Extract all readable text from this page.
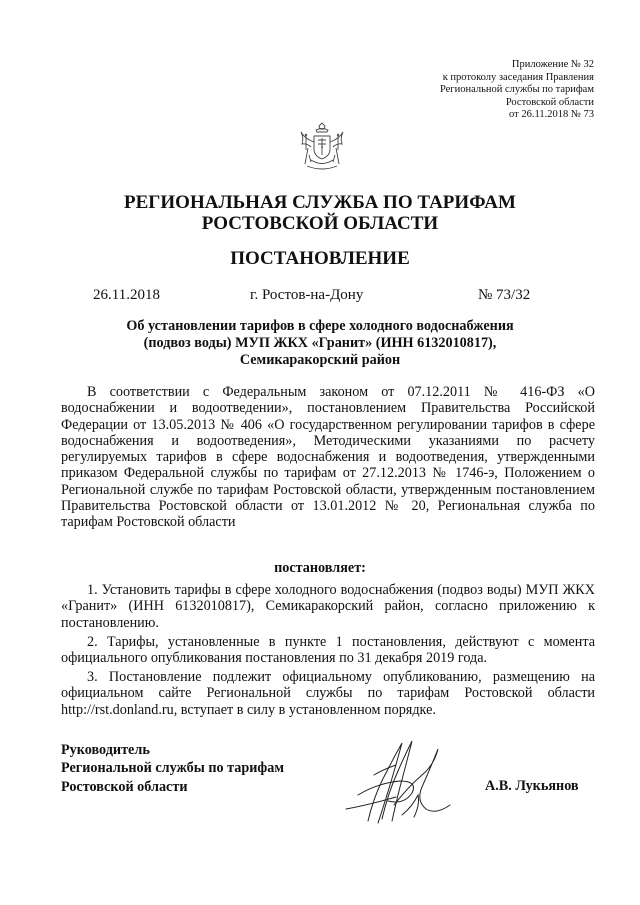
Приложение № 32
к протоколу заседания Правления
Региональной службы по тарифам
Ростовской области
от 26.11.2018 № 73
РЕГИОНАЛЬНАЯ СЛУЖБА ПО ТАРИФАМ
РОСТОВСКОЙ ОБЛАСТИ
ПОСТАНОВЛЕНИЕ
26.11.2018	г. Ростов-на-Дону	№ 73/32
Об установлении тарифов в сфере холодного водоснабжения
(подвоз воды) МУП ЖКХ «Гранит» (ИНН 6132010817),
Семикаракорский район

В соответствии с Федеральным законом от 07.12.2011 № 416-ФЗ «О водоснабжении и водоотведении», постановлением Правительства Российской Федерации от 13.05.2013 № 406 «О государственном регулировании тарифов в сфере водоснабжения и водоотведения», Методическими указаниями по расчету регулируемых тарифов в сфере водоснабжения и водоотведения, утвержденными приказом Федеральной службы по тарифам от 27.12.2013 № 1746-э, Положением о Региональной службе по тарифам Ростовской области, утвержденным постановлением Правительства Ростовской области от 13.01.2012 № 20, Региональная служба по тарифам Ростовской области

постановляет:

1. Установить тарифы в сфере холодного водоснабжения (подвоз воды) МУП ЖКХ «Гранит» (ИНН 6132010817), Семикаракорский район, согласно приложению к постановлению.

2. Тарифы, установленные в пункте 1 постановления, действуют с момента официального опубликования постановления по 31 декабря 2019 года.

3. Постановление подлежит официальному опубликованию, размещению на официальном сайте Региональной службы по тарифам Ростовской области http://rst.donland.ru, вступает в силу в установленном порядке.

Руководитель
Региональной службы по тарифам
Ростовской области	А.В. Лукьянов
